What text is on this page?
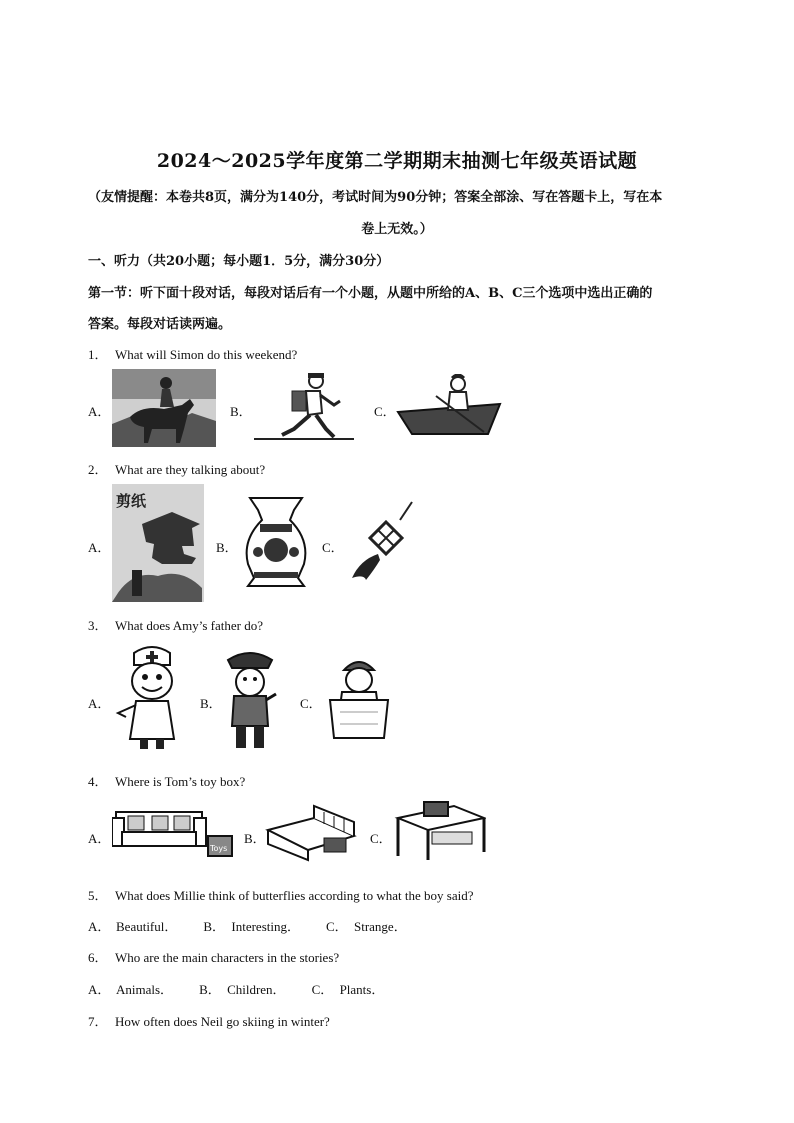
2024～2025学年度第二学期期末抽测七年级英语试题
（友情提醒：本卷共8页，满分为140分，考试时间为90分钟；答案全部涂、写在答题卡上，写在本
卷上无效。）
一、听力（共20小题；每小题1．5分，满分30分）
第一节：听下面十段对话，每段对话后有一个小题，从题中所给的A、B、C三个选项中选出正确的
答案。每段对话读两遍。
1． What will Simon do this weekend?
A．	B．	C．
2． What are they talking about?
A．
剪纸
B．	C．
3． What does Amy’s father do?
A．	B．	C．
4． Where is Tom’s toy box?
A．
Toys
B．	C．
5． What does Millie think of butterflies according to what the boy said?
A． Beautiful． B． Interesting． C． Strange．
6． Who are the main characters in the stories?
A． Animals． B． Children． C． Plants．
7． How often does Neil go skiing in winter?
